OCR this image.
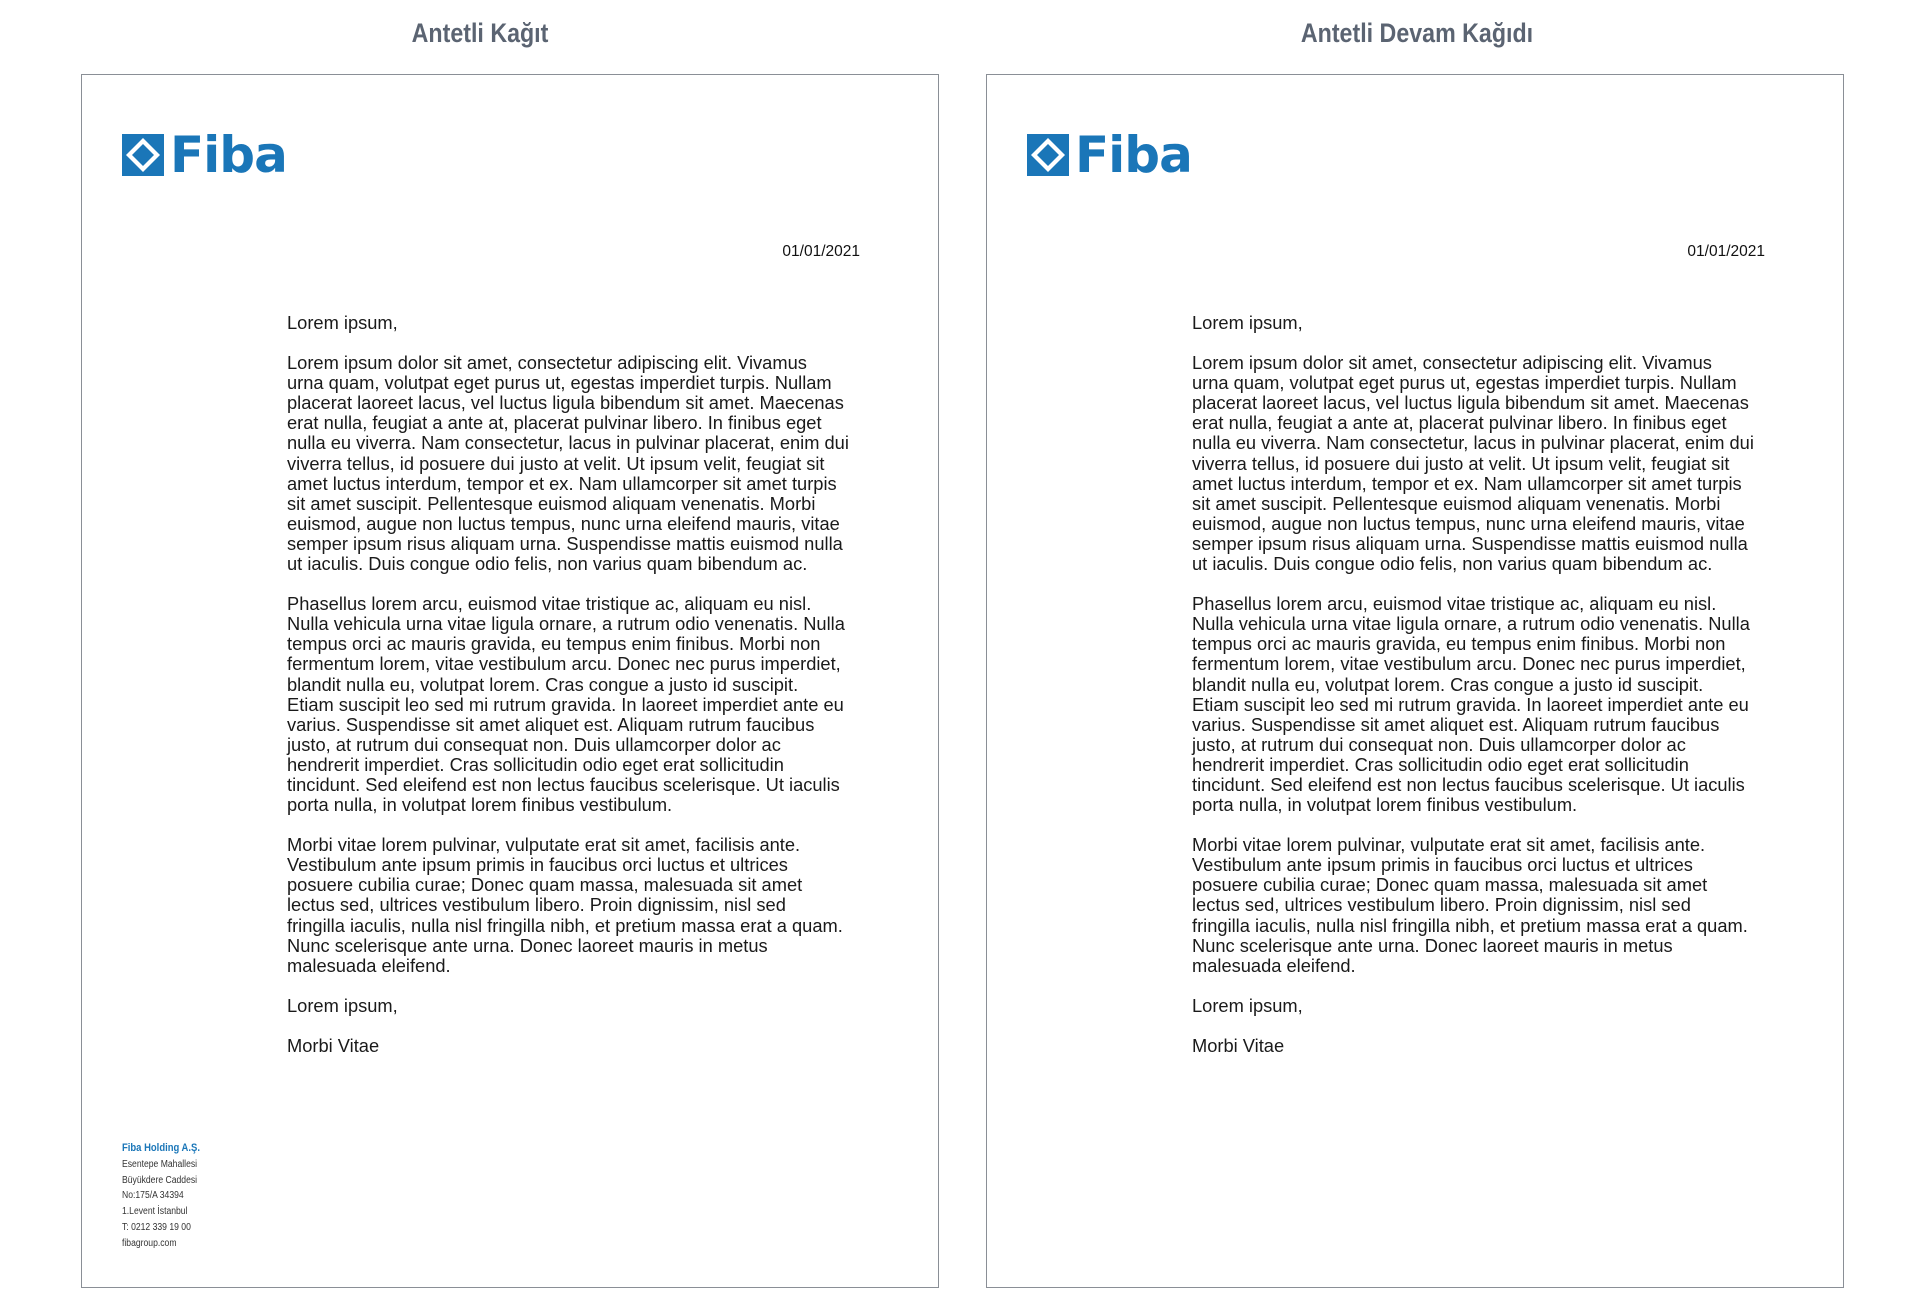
Antetli Kağıt
Fiba
01/01/2021

Lorem ipsum,

Lorem ipsum dolor sit amet, consectetur adipiscing elit. Vivamus
urna quam, volutpat eget purus ut, egestas imperdiet turpis. Nullam
placerat laoreet lacus, vel luctus ligula bibendum sit amet. Maecenas
erat nulla, feugiat a ante at, placerat pulvinar libero. In finibus eget
nulla eu viverra. Nam consectetur, lacus in pulvinar placerat, enim dui
viverra tellus, id posuere dui justo at velit. Ut ipsum velit, feugiat sit
amet luctus interdum, tempor et ex. Nam ullamcorper sit amet turpis
sit amet suscipit. Pellentesque euismod aliquam venenatis. Morbi
euismod, augue non luctus tempus, nunc urna eleifend mauris, vitae
semper ipsum risus aliquam urna. Suspendisse mattis euismod nulla
ut iaculis. Duis congue odio felis, non varius quam bibendum ac.

Phasellus lorem arcu, euismod vitae tristique ac, aliquam eu nisl.
Nulla vehicula urna vitae ligula ornare, a rutrum odio venenatis. Nulla
tempus orci ac mauris gravida, eu tempus enim finibus. Morbi non
fermentum lorem, vitae vestibulum arcu. Donec nec purus imperdiet,
blandit nulla eu, volutpat lorem. Cras congue a justo id suscipit.
Etiam suscipit leo sed mi rutrum gravida. In laoreet imperdiet ante eu
varius. Suspendisse sit amet aliquet est. Aliquam rutrum faucibus
justo, at rutrum dui consequat non. Duis ullamcorper dolor ac
hendrerit imperdiet. Cras sollicitudin odio eget erat sollicitudin
tincidunt. Sed eleifend est non lectus faucibus scelerisque. Ut iaculis
porta nulla, in volutpat lorem finibus vestibulum.

Morbi vitae lorem pulvinar, vulputate erat sit amet, facilisis ante.
Vestibulum ante ipsum primis in faucibus orci luctus et ultrices
posuere cubilia curae; Donec quam massa, malesuada sit amet
lectus sed, ultrices vestibulum libero. Proin dignissim, nisl sed
fringilla iaculis, nulla nisl fringilla nibh, et pretium massa erat a quam.
Nunc scelerisque ante urna. Donec laoreet mauris in metus
malesuada eleifend.

Lorem ipsum,

Morbi Vitae

Fiba Holding A.Ş.
Esentepe Mahallesi
Büyükdere Caddesi
No:175/A 34394
1.Levent İstanbul
T: 0212 339 19 00
fibagroup.com
Antetli Devam Kağıdı
Fiba
01/01/2021

Lorem ipsum,

Lorem ipsum dolor sit amet, consectetur adipiscing elit. Vivamus
urna quam, volutpat eget purus ut, egestas imperdiet turpis. Nullam
placerat laoreet lacus, vel luctus ligula bibendum sit amet. Maecenas
erat nulla, feugiat a ante at, placerat pulvinar libero. In finibus eget
nulla eu viverra. Nam consectetur, lacus in pulvinar placerat, enim dui
viverra tellus, id posuere dui justo at velit. Ut ipsum velit, feugiat sit
amet luctus interdum, tempor et ex. Nam ullamcorper sit amet turpis
sit amet suscipit. Pellentesque euismod aliquam venenatis. Morbi
euismod, augue non luctus tempus, nunc urna eleifend mauris, vitae
semper ipsum risus aliquam urna. Suspendisse mattis euismod nulla
ut iaculis. Duis congue odio felis, non varius quam bibendum ac.

Phasellus lorem arcu, euismod vitae tristique ac, aliquam eu nisl.
Nulla vehicula urna vitae ligula ornare, a rutrum odio venenatis. Nulla
tempus orci ac mauris gravida, eu tempus enim finibus. Morbi non
fermentum lorem, vitae vestibulum arcu. Donec nec purus imperdiet,
blandit nulla eu, volutpat lorem. Cras congue a justo id suscipit.
Etiam suscipit leo sed mi rutrum gravida. In laoreet imperdiet ante eu
varius. Suspendisse sit amet aliquet est. Aliquam rutrum faucibus
justo, at rutrum dui consequat non. Duis ullamcorper dolor ac
hendrerit imperdiet. Cras sollicitudin odio eget erat sollicitudin
tincidunt. Sed eleifend est non lectus faucibus scelerisque. Ut iaculis
porta nulla, in volutpat lorem finibus vestibulum.

Morbi vitae lorem pulvinar, vulputate erat sit amet, facilisis ante.
Vestibulum ante ipsum primis in faucibus orci luctus et ultrices
posuere cubilia curae; Donec quam massa, malesuada sit amet
lectus sed, ultrices vestibulum libero. Proin dignissim, nisl sed
fringilla iaculis, nulla nisl fringilla nibh, et pretium massa erat a quam.
Nunc scelerisque ante urna. Donec laoreet mauris in metus
malesuada eleifend.

Lorem ipsum,

Morbi Vitae
